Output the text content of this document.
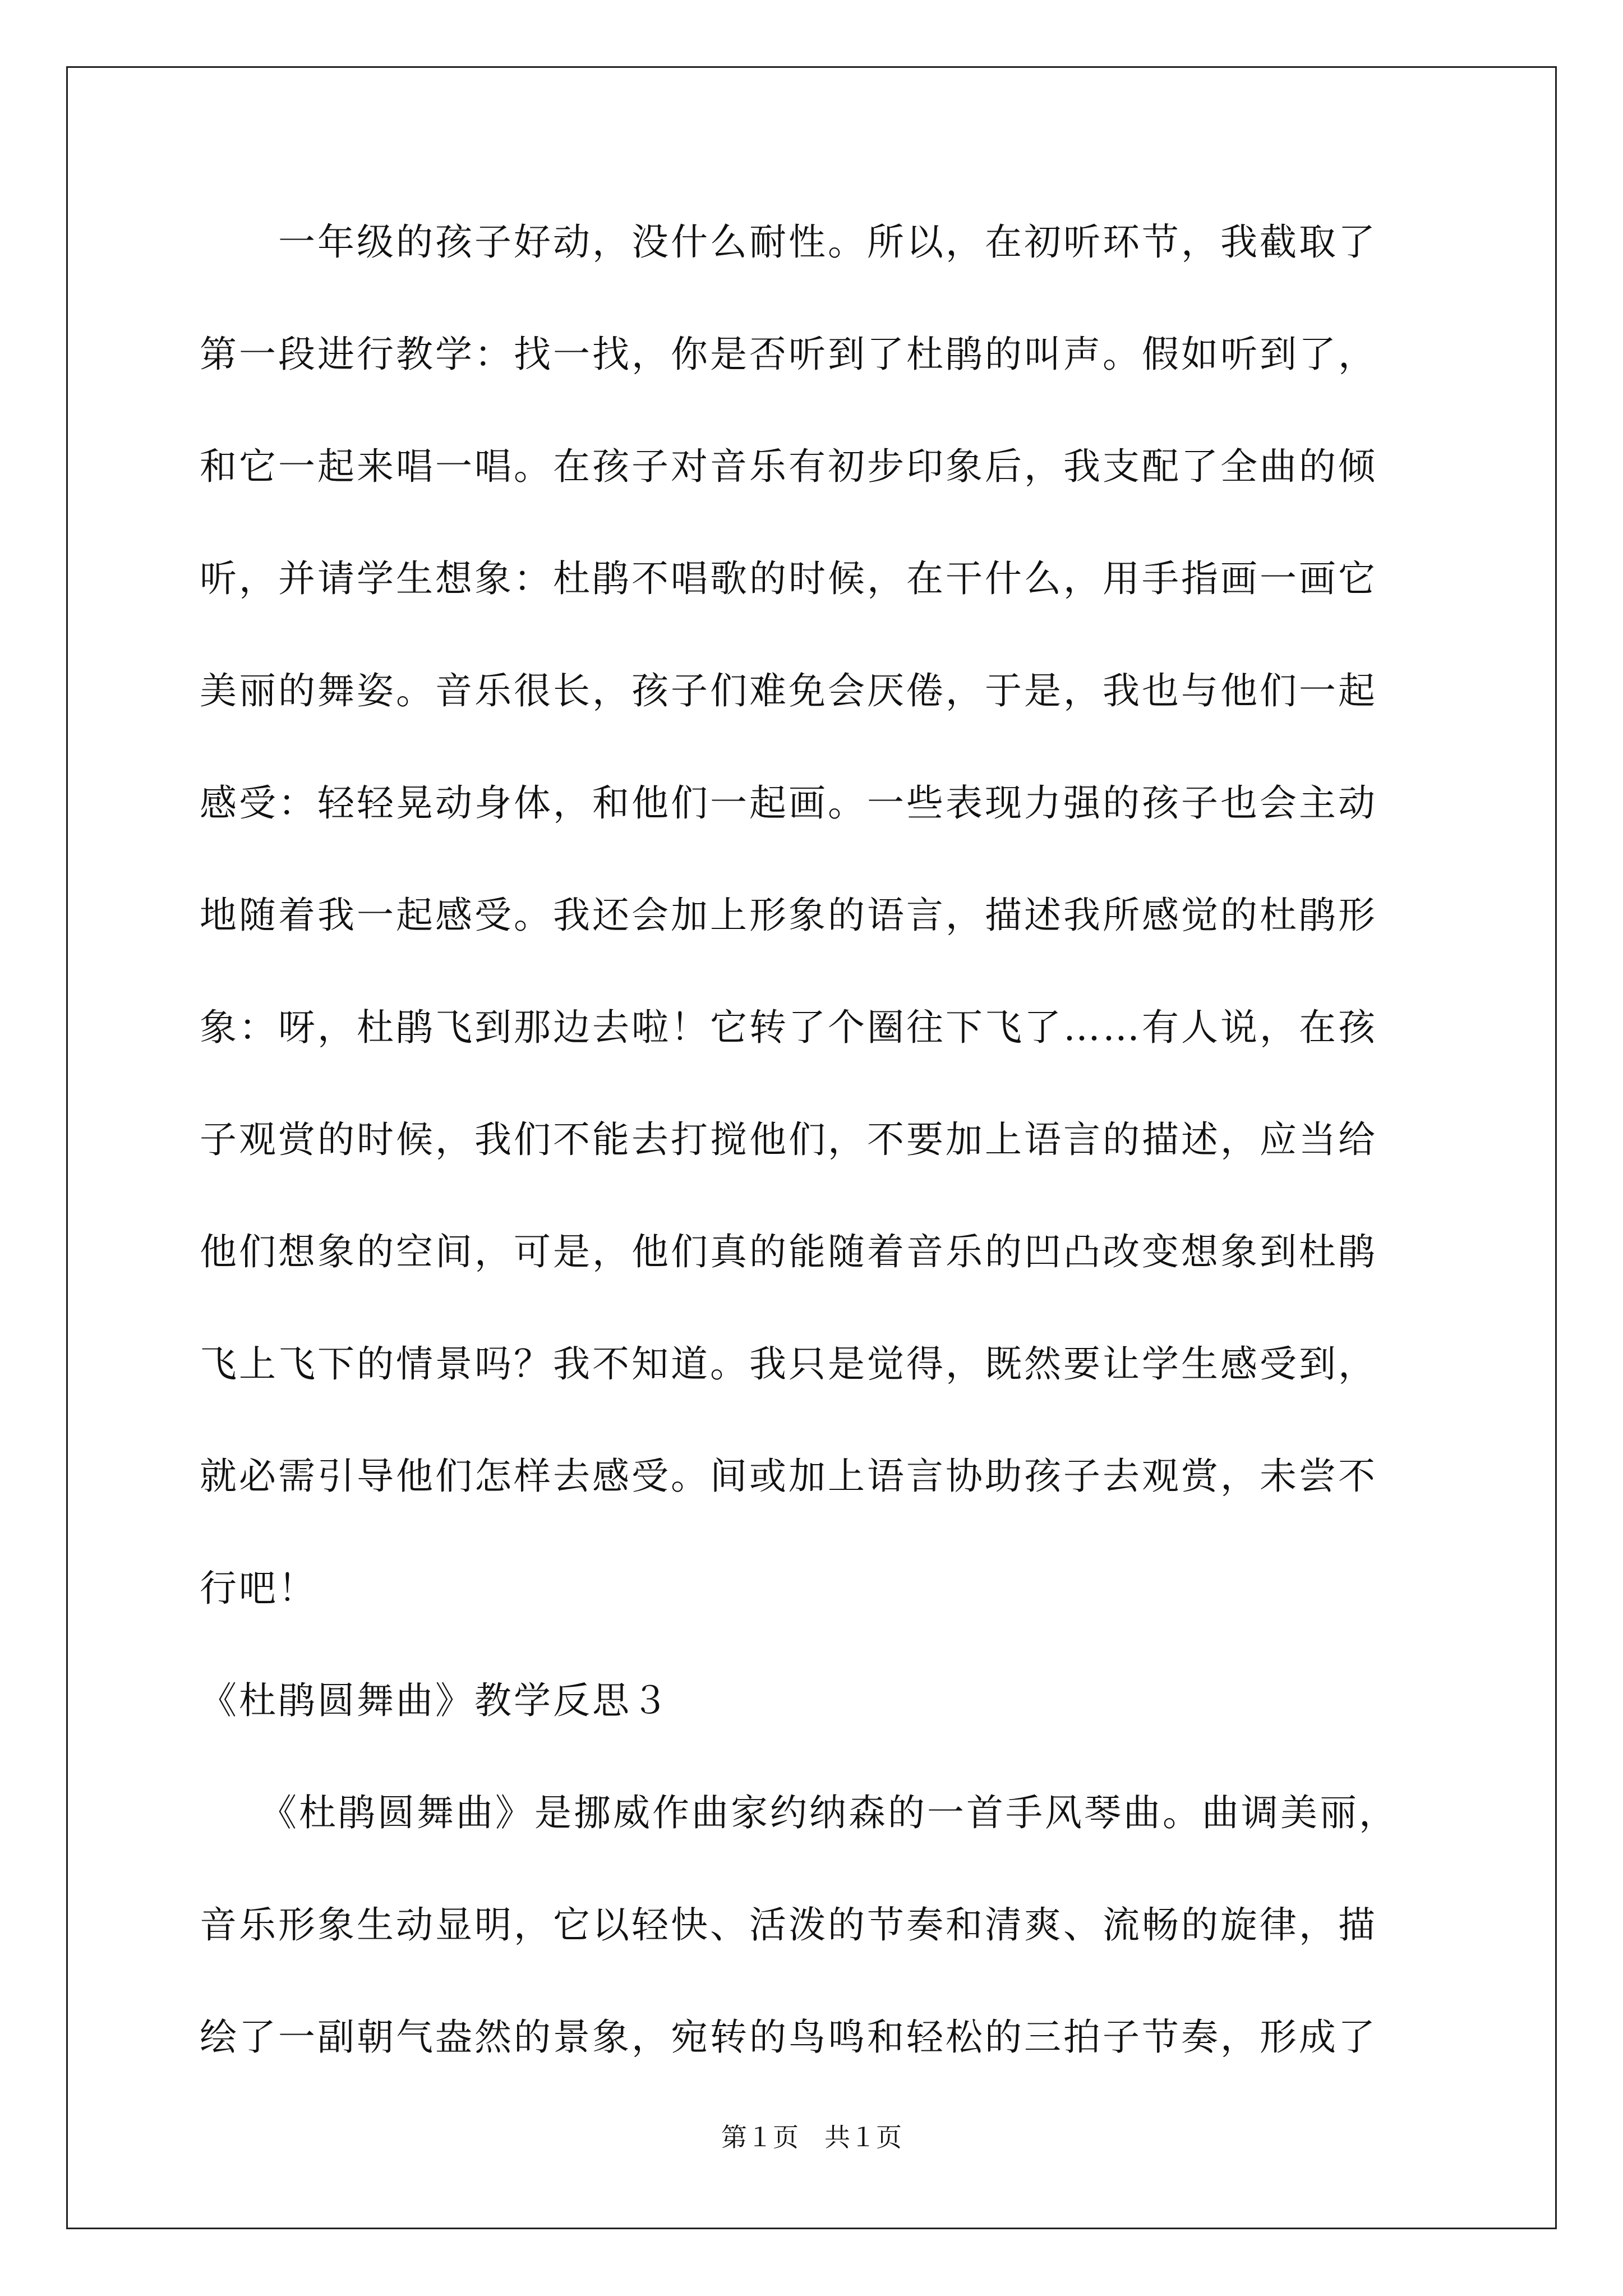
　　一年级的孩子好动，没什么耐性。所以，在初听环节，我截取了
第一段进行教学：找一找，你是否听到了杜鹃的叫声。假如听到了，
和它一起来唱一唱。在孩子对音乐有初步印象后，我支配了全曲的倾
听，并请学生想象：杜鹃不唱歌的时候，在干什么，用手指画一画它
美丽的舞姿。音乐很长，孩子们难免会厌倦，于是，我也与他们一起
感受：轻轻晃动身体，和他们一起画。一些表现力强的孩子也会主动
地随着我一起感受。我还会加上形象的语言，描述我所感觉的杜鹃形
象：呀，杜鹃飞到那边去啦！它转了个圈往下飞了……有人说，在孩
子观赏的时候，我们不能去打搅他们，不要加上语言的描述，应当给
他们想象的空间，可是，他们真的能随着音乐的凹凸改变想象到杜鹃
飞上飞下的情景吗？我不知道。我只是觉得，既然要让学生感受到，
就必需引导他们怎样去感受。间或加上语言协助孩子去观赏，未尝不
行吧！
《杜鹃圆舞曲》教学反思３
　　《杜鹃圆舞曲》是挪威作曲家约纳森的一首手风琴曲。曲调美丽，
音乐形象生动显明，它以轻快、活泼的节奏和清爽、流畅的旋律，描
绘了一副朝气盎然的景象，宛转的鸟鸣和轻松的三拍子节奏，形成了
第１页　共１页
